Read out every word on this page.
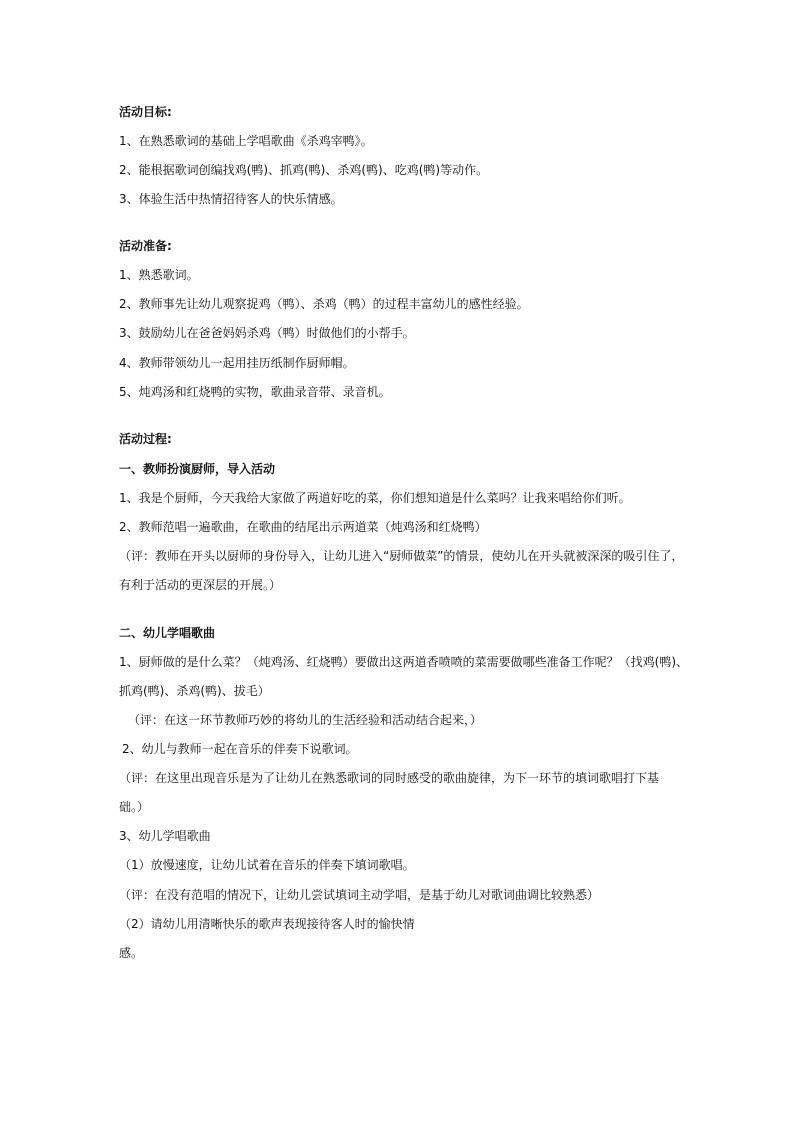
活动目标:
1、在熟悉歌词的基础上学唱歌曲《杀鸡宰鸭》。
2、能根据歌词创编找鸡(鸭)、抓鸡(鸭)、杀鸡(鸭)、吃鸡(鸭)等动作。
3、体验生活中热情招待客人的快乐情感。
活动准备:
1、熟悉歌词。
2、教师事先让幼儿观察捉鸡（鸭）、杀鸡（鸭）的过程丰富幼儿的感性经验。
3、鼓励幼儿在爸爸妈妈杀鸡（鸭）时做他们的小帮手。
4、教师带领幼儿一起用挂历纸制作厨师帽。
5、炖鸡汤和红烧鸭的实物，歌曲录音带、录音机。
活动过程:
一、教师扮演厨师，导入活动
1、我是个厨师，今天我给大家做了两道好吃的菜，你们想知道是什么菜吗？让我来唱给你们听。
2、教师范唱一遍歌曲，在歌曲的结尾出示两道菜（炖鸡汤和红烧鸭）
（评：教师在开头以厨师的身份导入，让幼儿进入“厨师做菜”的情景，使幼儿在开头就被深深的吸引住了，
有利于活动的更深层的开展。）
二、幼儿学唱歌曲
1、厨师做的是什么菜？（炖鸡汤、红烧鸭）要做出这两道香喷喷的菜需要做哪些准备工作呢？（找鸡(鸭)、
抓鸡(鸭)、杀鸡(鸭)、拔毛）
（评：在这一环节教师巧妙的将幼儿的生活经验和活动结合起来，）
2、幼儿与教师一起在音乐的伴奏下说歌词。
（评：在这里出现音乐是为了让幼儿在熟悉歌词的同时感受的歌曲旋律，为下一环节的填词歌唱打下基
础。）
3、幼儿学唱歌曲
（1）放慢速度，让幼儿试着在音乐的伴奏下填词歌唱。
（评：在没有范唱的情况下，让幼儿尝试填词主动学唱，是基于幼儿对歌词曲调比较熟悉）
（2）请幼儿用清晰快乐的歌声表现接待客人时的愉快情
感。
